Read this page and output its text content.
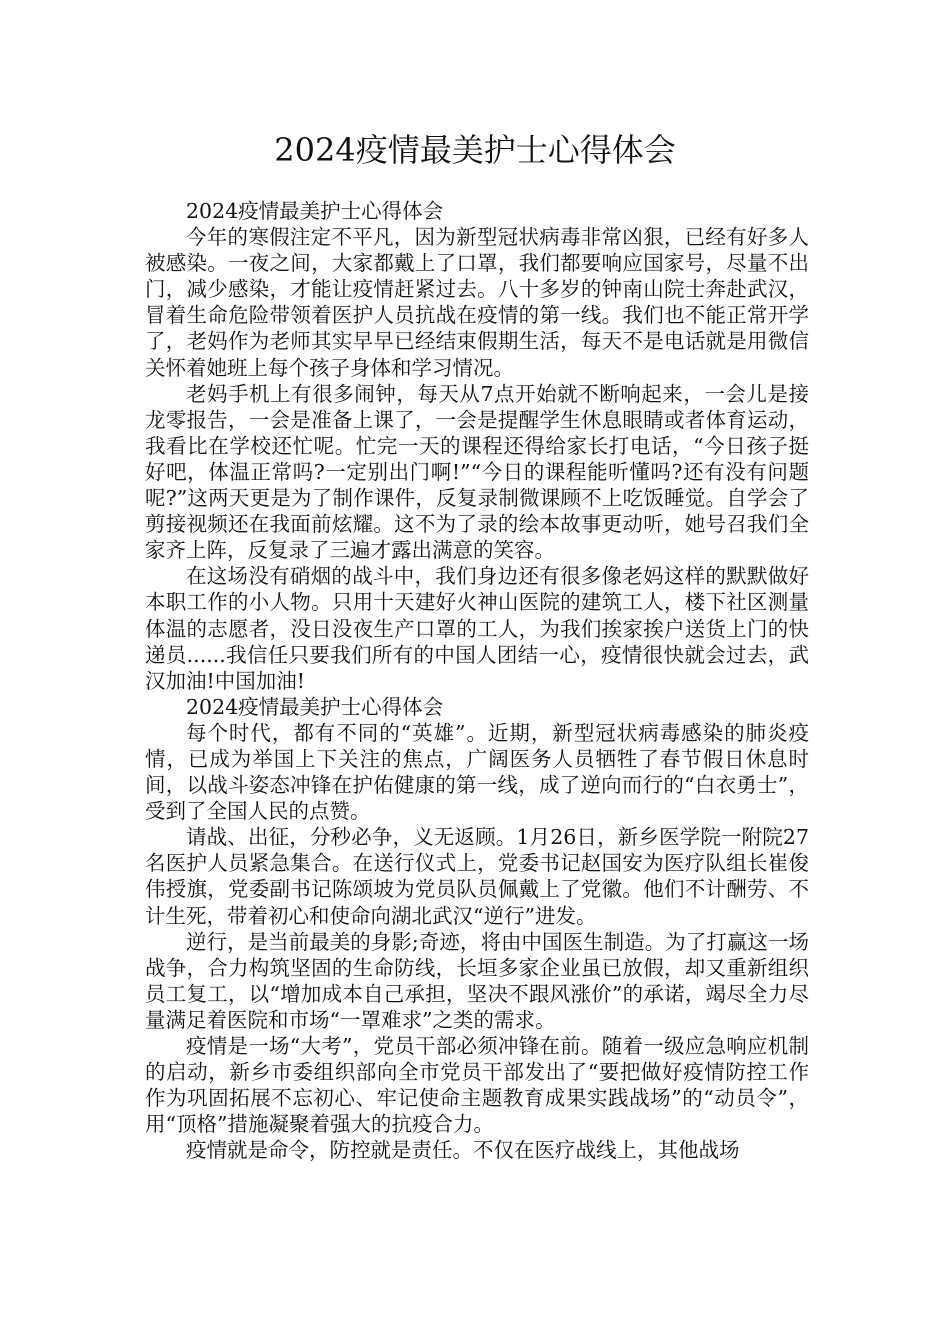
2024疫情最美护士心得体会

2024疫情最美护士心得体会

今年的寒假注定不平凡，因为新型冠状病毒非常凶狠，已经有好多人被感染。一夜之间，大家都戴上了口罩，我们都要响应国家号，尽量不出门，减少感染，才能让疫情赶紧过去。八十多岁的钟南山院士奔赴武汉，冒着生命危险带领着医护人员抗战在疫情的第一线。我们也不能正常开学了，老妈作为老师其实早早已经结束假期生活，每天不是电话就是用微信关怀着她班上每个孩子身体和学习情况。

老妈手机上有很多闹钟，每天从7点开始就不断响起来，一会儿是接龙零报告，一会是准备上课了，一会是提醒学生休息眼睛或者体育运动，我看比在学校还忙呢。忙完一天的课程还得给家长打电话，“今日孩子挺好吧，体温正常吗?一定别出门啊!”“今日的课程能听懂吗?还有没有问题呢?”这两天更是为了制作课件，反复录制微课顾不上吃饭睡觉。自学会了剪接视频还在我面前炫耀。这不为了录的绘本故事更动听，她号召我们全家齐上阵，反复录了三遍才露出满意的笑容。

在这场没有硝烟的战斗中，我们身边还有很多像老妈这样的默默做好本职工作的小人物。只用十天建好火神山医院的建筑工人，楼下社区测量体温的志愿者，没日没夜生产口罩的工人，为我们挨家挨户送货上门的快递员......我信任只要我们所有的中国人团结一心，疫情很快就会过去，武汉加油!中国加油!

2024疫情最美护士心得体会

每个时代，都有不同的“英雄”。近期，新型冠状病毒感染的肺炎疫情，已成为举国上下关注的焦点，广阔医务人员牺牲了春节假日休息时间，以战斗姿态冲锋在护佑健康的第一线，成了逆向而行的“白衣勇士”，受到了全国人民的点赞。

请战、出征，分秒必争，义无返顾。1月26日，新乡医学院一附院27名医护人员紧急集合。在送行仪式上，党委书记赵国安为医疗队组长崔俊伟授旗，党委副书记陈颂坡为党员队员佩戴上了党徽。他们不计酬劳、不计生死，带着初心和使命向湖北武汉“逆行”进发。

逆行，是当前最美的身影;奇迹，将由中国医生制造。为了打赢这一场战争，合力构筑坚固的生命防线，长垣多家企业虽已放假，却又重新组织员工复工，以“增加成本自己承担，坚决不跟风涨价”的承诺，竭尽全力尽量满足着医院和市场“一罩难求”之类的需求。

疫情是一场“大考”，党员干部必须冲锋在前。随着一级应急响应机制的启动，新乡市委组织部向全市党员干部发出了“要把做好疫情防控工作作为巩固拓展不忘初心、牢记使命主题教育成果实践战场”的“动员令”，用“顶格”措施凝聚着强大的抗疫合力。

疫情就是命令，防控就是责任。不仅在医疗战线上，其他战场
